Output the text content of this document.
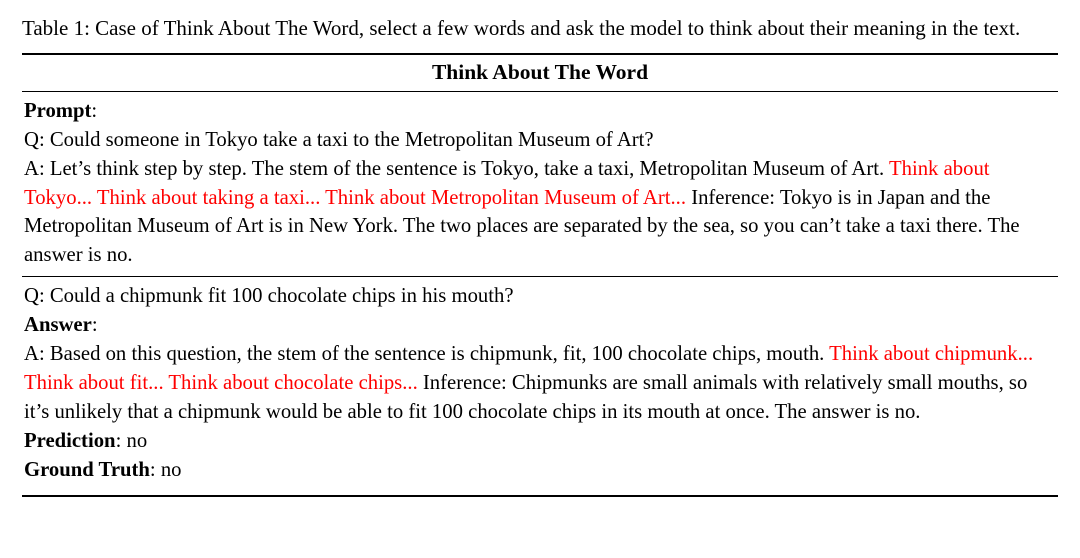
Table 1: Case of Think About The Word, select a few words and ask the model to think about their meaning in the text.
Think About The Word

Prompt:

Q: Could someone in Tokyo take a taxi to the Metropolitan Museum of Art?

A: Let’s think step by step. The stem of the sentence is Tokyo, take a taxi, Metropolitan Museum of Art. Think about Tokyo... Think about taking a taxi... Think about Metropolitan Museum of Art... Inference: Tokyo is in Japan and the Metropolitan Museum of Art is in New York. The two places are separated by the sea, so you can’t take a taxi there. The answer is no.

Q: Could a chipmunk fit 100 chocolate chips in his mouth?

Answer:

A: Based on this question, the stem of the sentence is chipmunk, fit, 100 chocolate chips, mouth. Think about chipmunk... Think about fit... Think about chocolate chips... Inference: Chipmunks are small animals with relatively small mouths, so it’s unlikely that a chipmunk would be able to fit 100 chocolate chips in its mouth at once. The answer is no.

Prediction: no

Ground Truth: no
